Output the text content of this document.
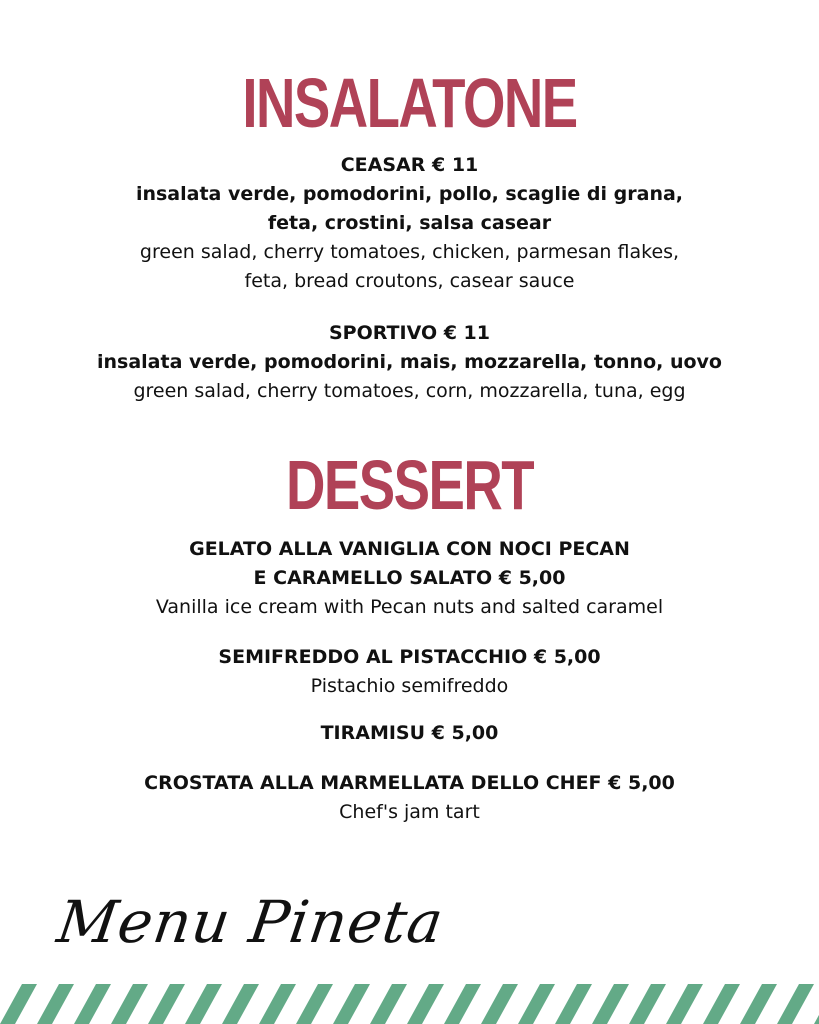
INSALATONE
CEASAR € 11
insalata verde, pomodorini, pollo, scaglie di grana,
feta, crostini, salsa casear
green salad, cherry tomatoes, chicken, parmesan flakes,
feta, bread croutons, casear sauce
SPORTIVO € 11
insalata verde, pomodorini, mais, mozzarella, tonno, uovo
green salad, cherry tomatoes, corn, mozzarella, tuna, egg
DESSERT
GELATO ALLA VANIGLIA CON NOCI PECAN
E CARAMELLO SALATO € 5,00
Vanilla ice cream with Pecan nuts and salted caramel
SEMIFREDDO AL PISTACCHIO € 5,00
Pistachio semifreddo
TIRAMISU € 5,00
CROSTATA ALLA MARMELLATA DELLO CHEF € 5,00
Chef's jam tart
Menu Pineta
